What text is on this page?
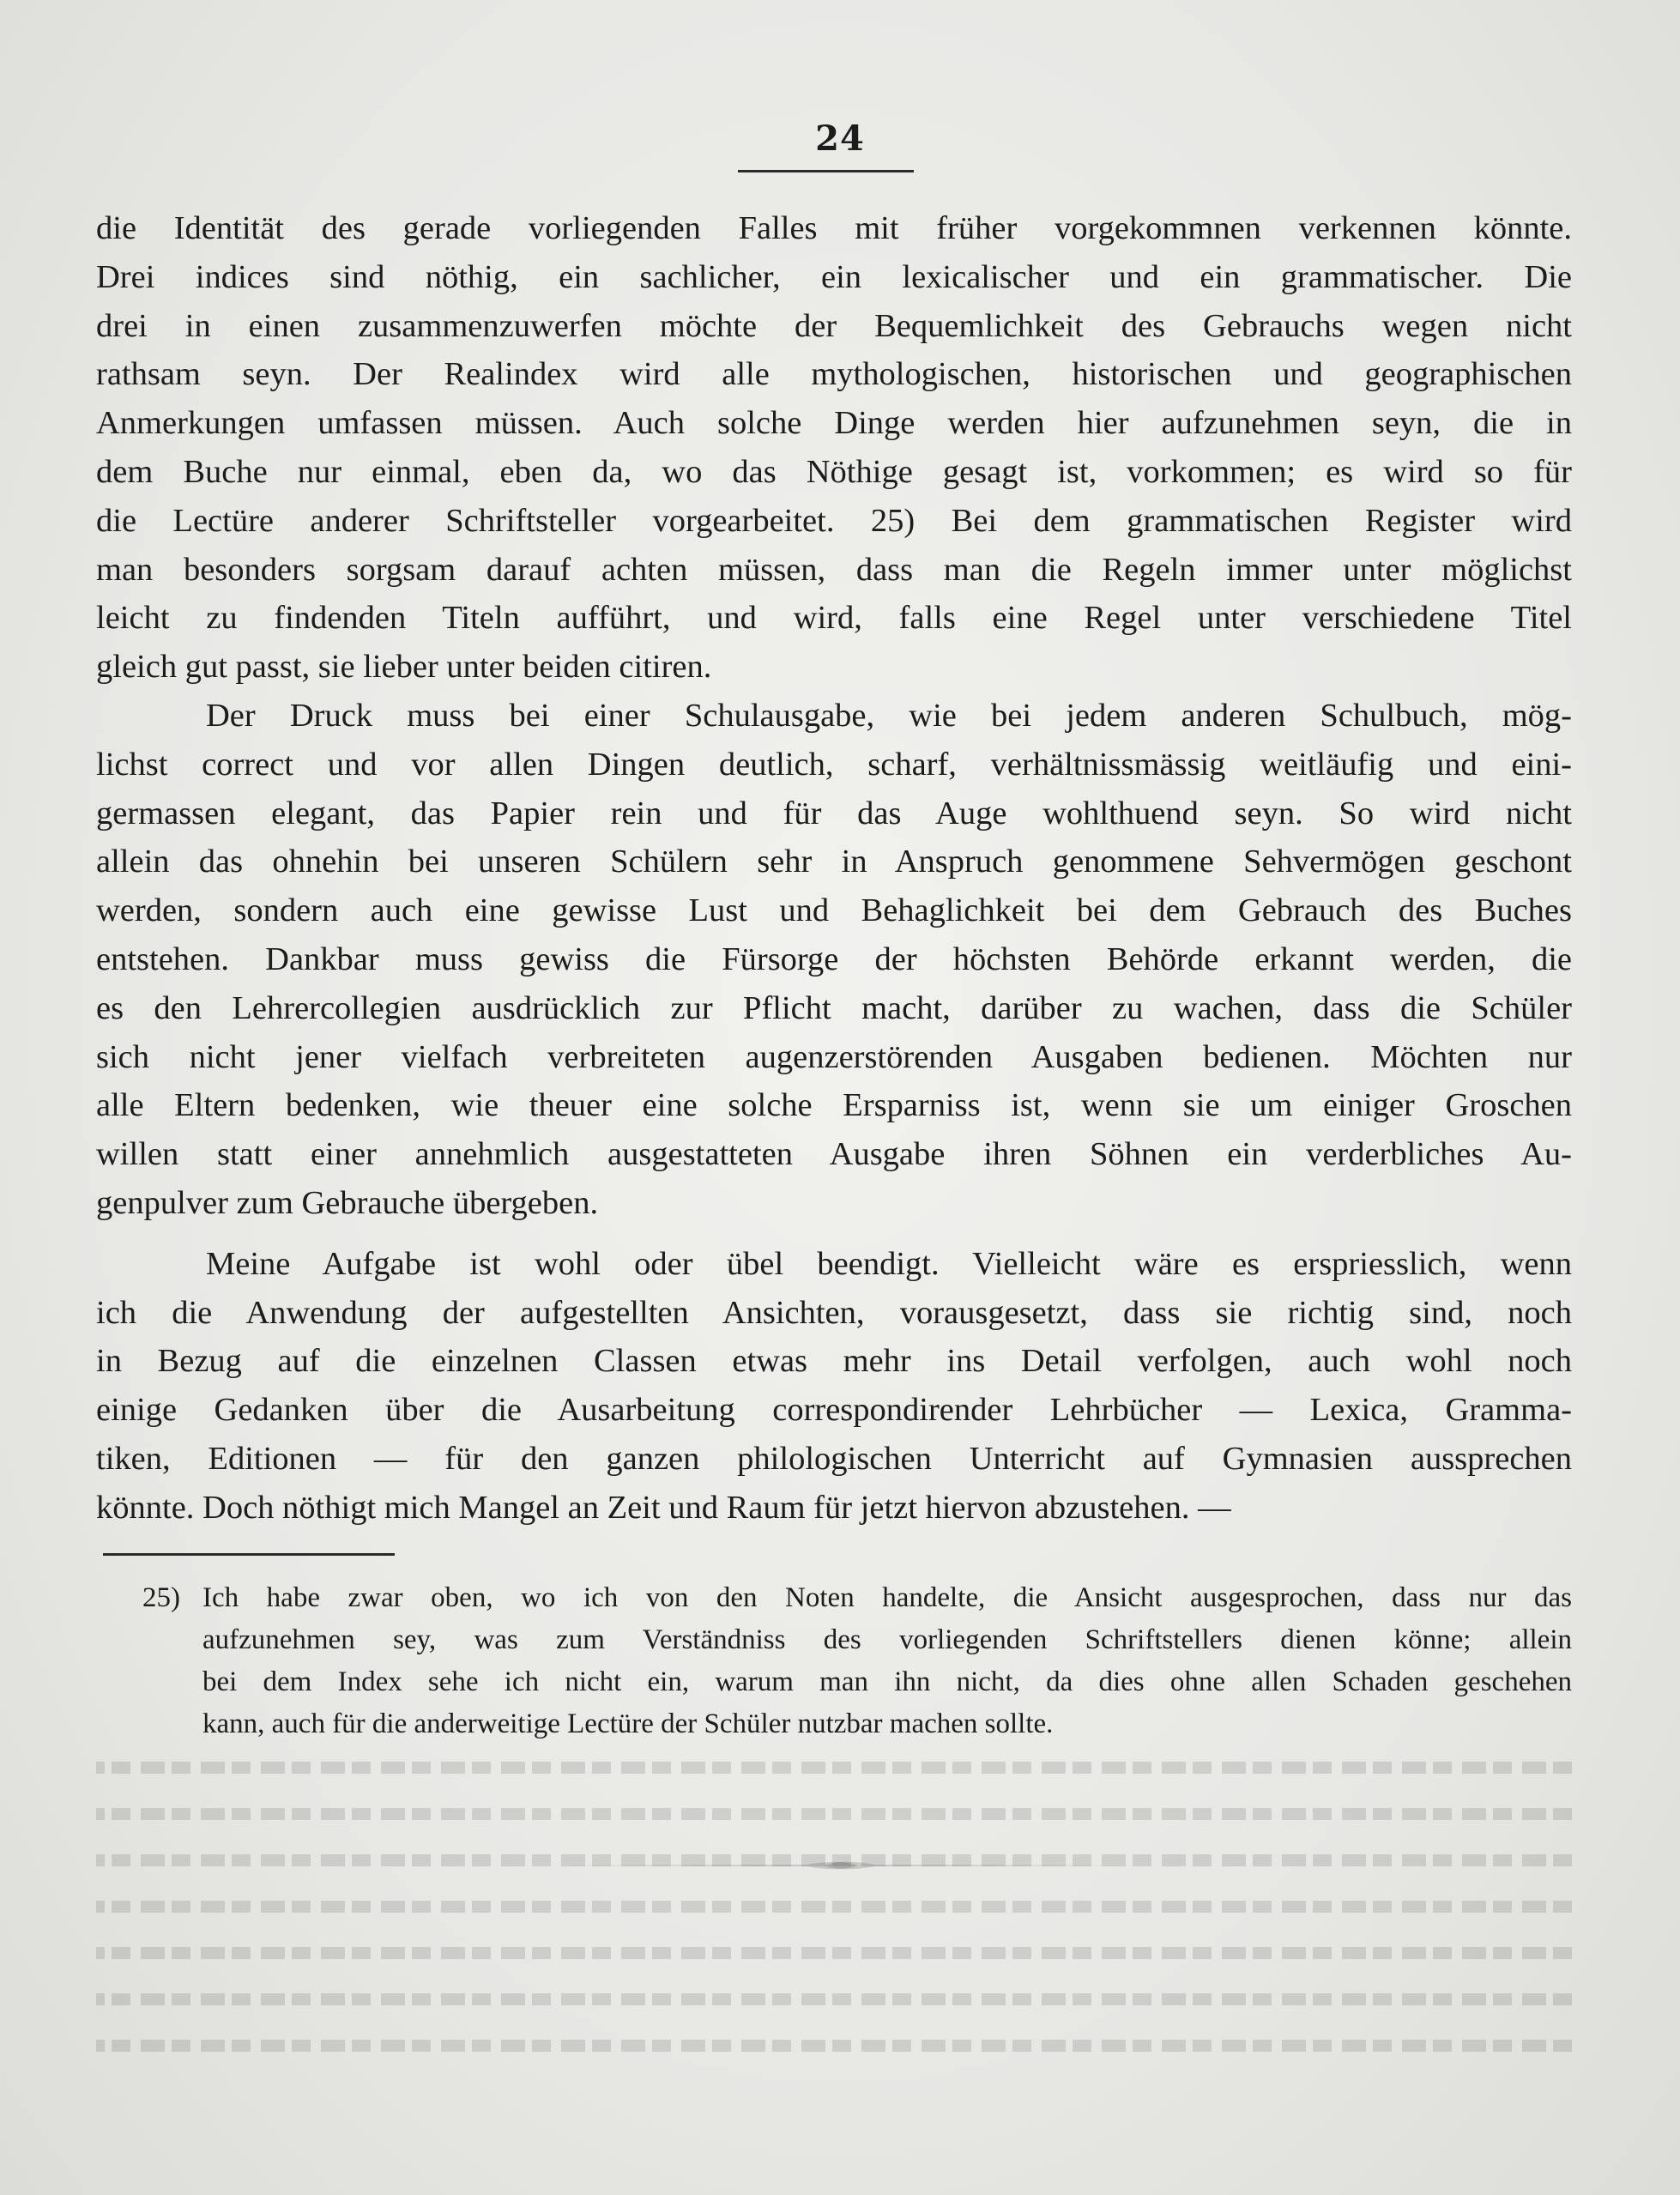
24
die Identität des gerade vorliegenden Falles mit früher vorgekommnen verkennen könnte.
Drei indices sind nöthig, ein sachlicher, ein lexicalischer und ein grammatischer. Die
drei in einen zusammenzuwerfen möchte der Bequemlichkeit des Gebrauchs wegen nicht
rathsam seyn. Der Realindex wird alle mythologischen, historischen und geographischen
Anmerkungen umfassen müssen. Auch solche Dinge werden hier aufzunehmen seyn, die in
dem Buche nur einmal, eben da, wo das Nöthige gesagt ist, vorkommen; es wird so für
die Lectüre anderer Schriftsteller vorgearbeitet. 25) Bei dem grammatischen Register wird
man besonders sorgsam darauf achten müssen, dass man die Regeln immer unter möglichst
leicht zu findenden Titeln aufführt, und wird, falls eine Regel unter verschiedene Titel
gleich gut passt, sie lieber unter beiden citiren.
Der Druck muss bei einer Schulausgabe, wie bei jedem anderen Schulbuch, mög-
lichst correct und vor allen Dingen deutlich, scharf, verhältnissmässig weitläufig und eini-
germassen elegant, das Papier rein und für das Auge wohlthuend seyn. So wird nicht
allein das ohnehin bei unseren Schülern sehr in Anspruch genommene Sehvermögen geschont
werden, sondern auch eine gewisse Lust und Behaglichkeit bei dem Gebrauch des Buches
entstehen. Dankbar muss gewiss die Fürsorge der höchsten Behörde erkannt werden, die
es den Lehrercollegien ausdrücklich zur Pflicht macht, darüber zu wachen, dass die Schüler
sich nicht jener vielfach verbreiteten augenzerstörenden Ausgaben bedienen. Möchten nur
alle Eltern bedenken, wie theuer eine solche Ersparniss ist, wenn sie um einiger Groschen
willen statt einer annehmlich ausgestatteten Ausgabe ihren Söhnen ein verderbliches Au-
genpulver zum Gebrauche übergeben.
Meine Aufgabe ist wohl oder übel beendigt. Vielleicht wäre es erspriesslich, wenn
ich die Anwendung der aufgestellten Ansichten, vorausgesetzt, dass sie richtig sind, noch
in Bezug auf die einzelnen Classen etwas mehr ins Detail verfolgen, auch wohl noch
einige Gedanken über die Ausarbeitung correspondirender Lehrbücher — Lexica, Gramma-
tiken, Editionen — für den ganzen philologischen Unterricht auf Gymnasien aussprechen
könnte. Doch nöthigt mich Mangel an Zeit und Raum für jetzt hiervon abzustehen. —
25) Ich habe zwar oben, wo ich von den Noten handelte, die Ansicht ausgesprochen, dass nur das
aufzunehmen sey, was zum Verständniss des vorliegenden Schriftstellers dienen könne; allein
bei dem Index sehe ich nicht ein, warum man ihn nicht, da dies ohne allen Schaden geschehen
kann, auch für die anderweitige Lectüre der Schüler nutzbar machen sollte.
